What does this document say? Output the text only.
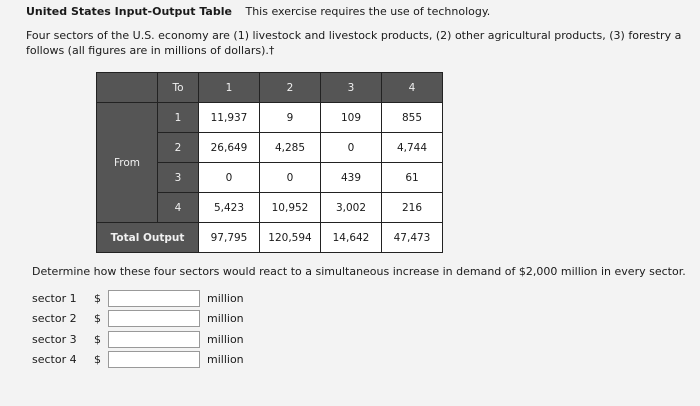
United States Input-Output Table This exercise requires the use of technology.
Four sectors of the U.S. economy are (1) livestock and livestock products, (2) other agricultural products, (3) forestry a
follows (all figures are in millions of dollars).†
	To	1	2	3	4
From	1	11,937	9	109	855
	2	26,649	4,285	0	4,744
	3	0	0	439	61
	4	5,423	10,952	3,002	216
Total Output		97,795	120,594	14,642	47,473
Determine how these four sectors would react to a simultaneous increase in demand of $2,000 million in every sector.
sector 1	$	million
sector 2	$	million
sector 3	$	million
sector 4	$	million
